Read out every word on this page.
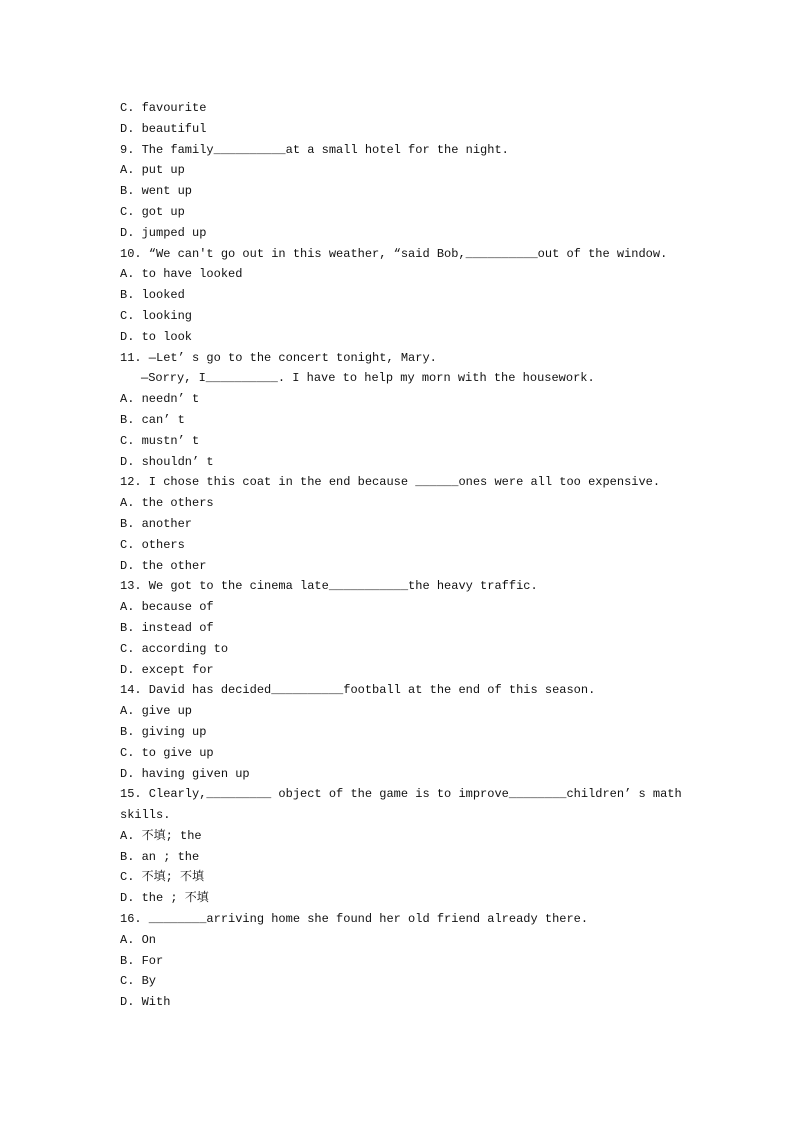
C. favourite
D. beautiful
9. The family__________at a small hotel for the night.
A. put up
B. went up
C. got up
D. jumped up
10. “We can't go out in this weather, “said Bob,__________out of the window.
A. to have looked
B. looked
C. looking
D. to look
11. —Let’ s go to the concert tonight, Mary.
—Sorry, I__________. I have to help my morn with the housework.
A. needn’ t
B. can’ t
C. mustn’ t
D. shouldn’ t
12. I chose this coat in the end because ______ones were all too expensive.
A. the others
B. another
C. others
D. the other
13. We got to the cinema late___________the heavy traffic.
A. because of
B. instead of
C. according to
D. except for
14. David has decided__________football at the end of this season.
A. give up
B. giving up
C. to give up
D. having given up
15. Clearly,_________ object of the game is to improve________children’ s math
skills.
A. 不填; the
B. an ; the
C. 不填; 不填
D. the ; 不填
16. ________arriving home she found her old friend already there.
A. On
B. For
C. By
D. With
